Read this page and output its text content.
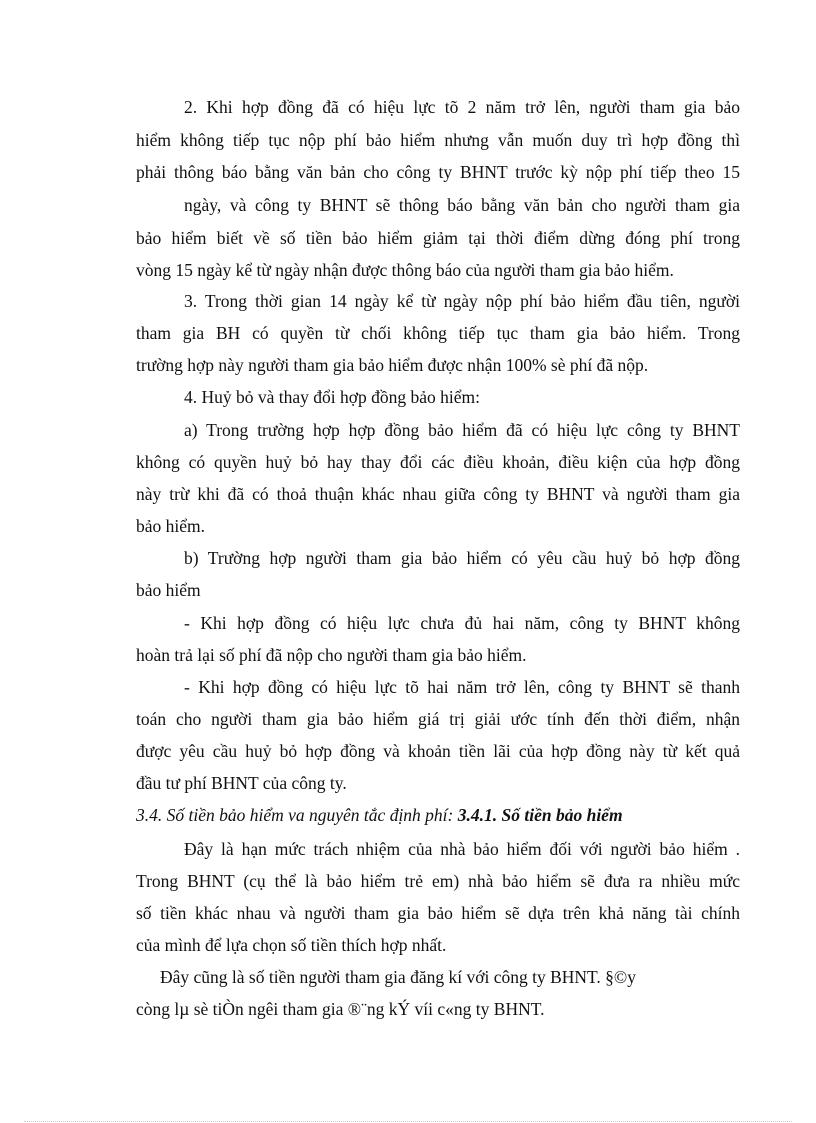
2. Khi hợp đồng đã có hiệu lực tõ 2 năm trở lên, người tham gia bảo
hiểm không tiếp tục nộp phí bảo hiểm nhưng vẫn muốn duy trì hợp đồng thì
phải thông báo bằng văn bản cho công ty BHNT trước kỳ nộp phí tiếp theo 15
ngày, và công ty BHNT sẽ thông báo bằng văn bản cho người tham gia
bảo hiểm biết về số tiền bảo hiểm giảm tại thời điểm dừng đóng phí trong
vòng 15 ngày kể từ ngày nhận được thông báo của người tham gia bảo hiểm.
3. Trong thời gian 14 ngày kể từ ngày nộp phí bảo hiểm đầu tiên, người
tham gia BH có quyền từ chối không tiếp tục tham gia bảo hiểm. Trong
trường hợp này người tham gia bảo hiểm được nhận 100% sè phí đã nộp.
4. Huỷ bỏ và thay đổi hợp đồng bảo hiểm:
a) Trong trường hợp hợp đồng bảo hiểm đã có hiệu lực công ty BHNT
không có quyền huỷ bỏ hay thay đổi các điều khoản, điều kiện của hợp đồng
này trừ khi đã có thoả thuận khác nhau giữa công ty BHNT và người tham gia
bảo hiểm.
b) Trường hợp người tham gia bảo hiểm có yêu cầu huỷ bỏ hợp đồng
bảo hiểm
- Khi hợp đồng có hiệu lực chưa đủ hai năm, công ty BHNT không
hoàn trả lại số phí đã nộp cho người tham gia bảo hiểm.
- Khi hợp đồng có hiệu lực tõ hai năm trở lên, công ty BHNT sẽ thanh
toán cho người tham gia bảo hiểm giá trị giải ước tính đến thời điểm, nhận
được yêu cầu huỷ bỏ hợp đồng và khoản tiền lãi của hợp đồng này từ kết quả
đầu tư phí BHNT của công ty.
3.4. Số tiền bảo hiểm va nguyên tắc định phí: 3.4.1. Số tiền bảo hiểm
Đây là hạn mức trách nhiệm của nhà bảo hiểm đối với người bảo hiểm .
Trong BHNT (cụ thể là bảo hiểm trẻ em) nhà bảo hiểm sẽ đưa ra nhiều mức
số tiền khác nhau và người tham gia bảo hiểm sẽ dựa trên khả năng tài chính
của mình để lựa chọn số tiền thích hợp nhất.
Đây cũng là số tiền người tham gia đăng kí với công ty BHNT. §©y
còng lµ sè tiÒn ngêi tham gia ®¨ng kÝ víi c«ng ty BHNT.
